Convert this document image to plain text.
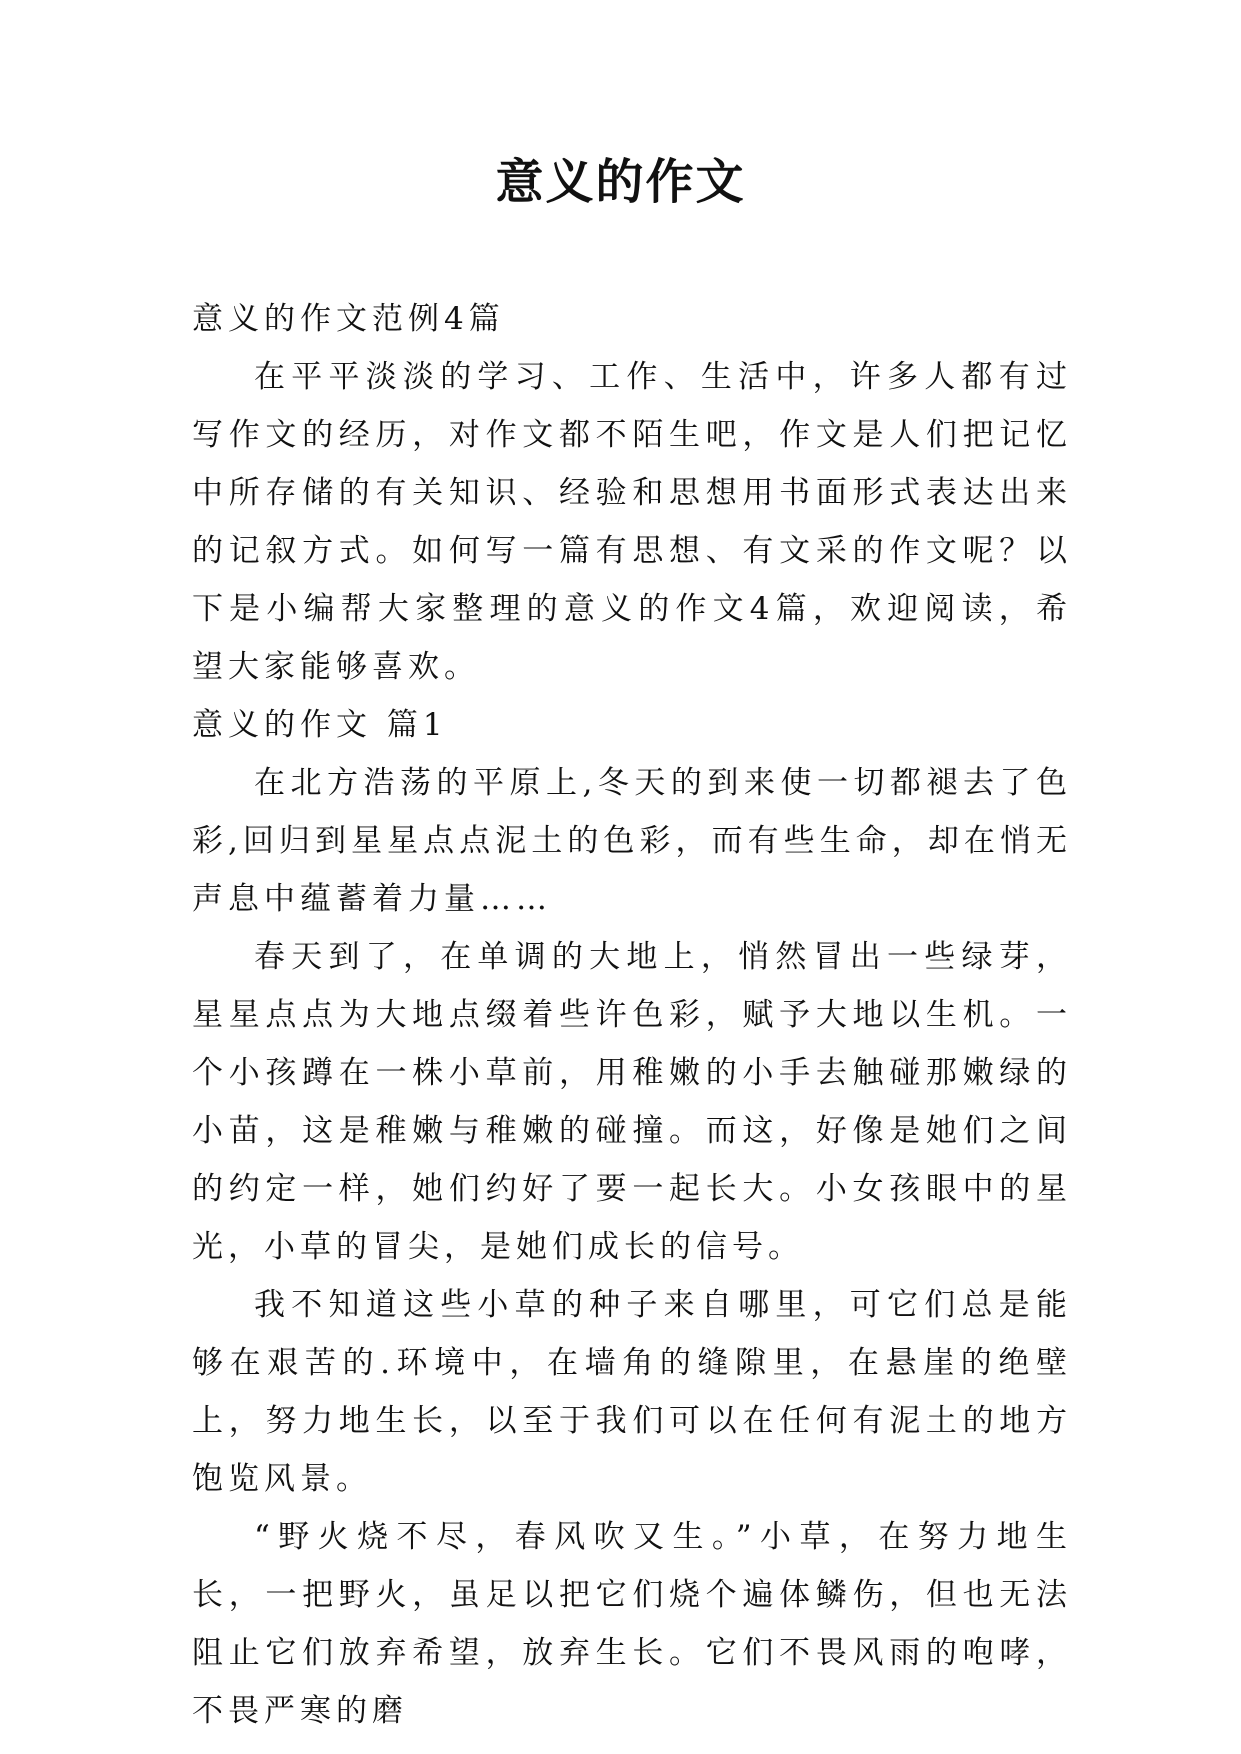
意义的作文

意义的作文范例4篇

在平平淡淡的学习、工作、生活中，许多人都有过写作文的经历，对作文都不陌生吧，作文是人们把记忆中所存储的有关知识、经验和思想用书面形式表达出来的记叙方式。如何写一篇有思想、有文采的作文呢？以下是小编帮大家整理的意义的作文4篇，欢迎阅读，希望大家能够喜欢。

意义的作文 篇1

在北方浩荡的平原上,冬天的到来使一切都褪去了色彩,回归到星星点点泥土的色彩，而有些生命，却在悄无声息中蕴蓄着力量……

春天到了，在单调的大地上，悄然冒出一些绿芽，星星点点为大地点缀着些许色彩，赋予大地以生机。一个小孩蹲在一株小草前，用稚嫩的小手去触碰那嫩绿的小苗，这是稚嫩与稚嫩的碰撞。而这，好像是她们之间的约定一样，她们约好了要一起长大。小女孩眼中的星光，小草的冒尖，是她们成长的信号。

我不知道这些小草的种子来自哪里，可它们总是能够在艰苦的.环境中，在墙角的缝隙里，在悬崖的绝壁上，努力地生长，以至于我们可以在任何有泥土的地方饱览风景。

“野火烧不尽，春风吹又生。”小草，在努力地生长，一把野火，虽足以把它们烧个遍体鳞伤，但也无法阻止它们放弃希望，放弃生长。它们不畏风雨的咆哮，不畏严寒的磨
